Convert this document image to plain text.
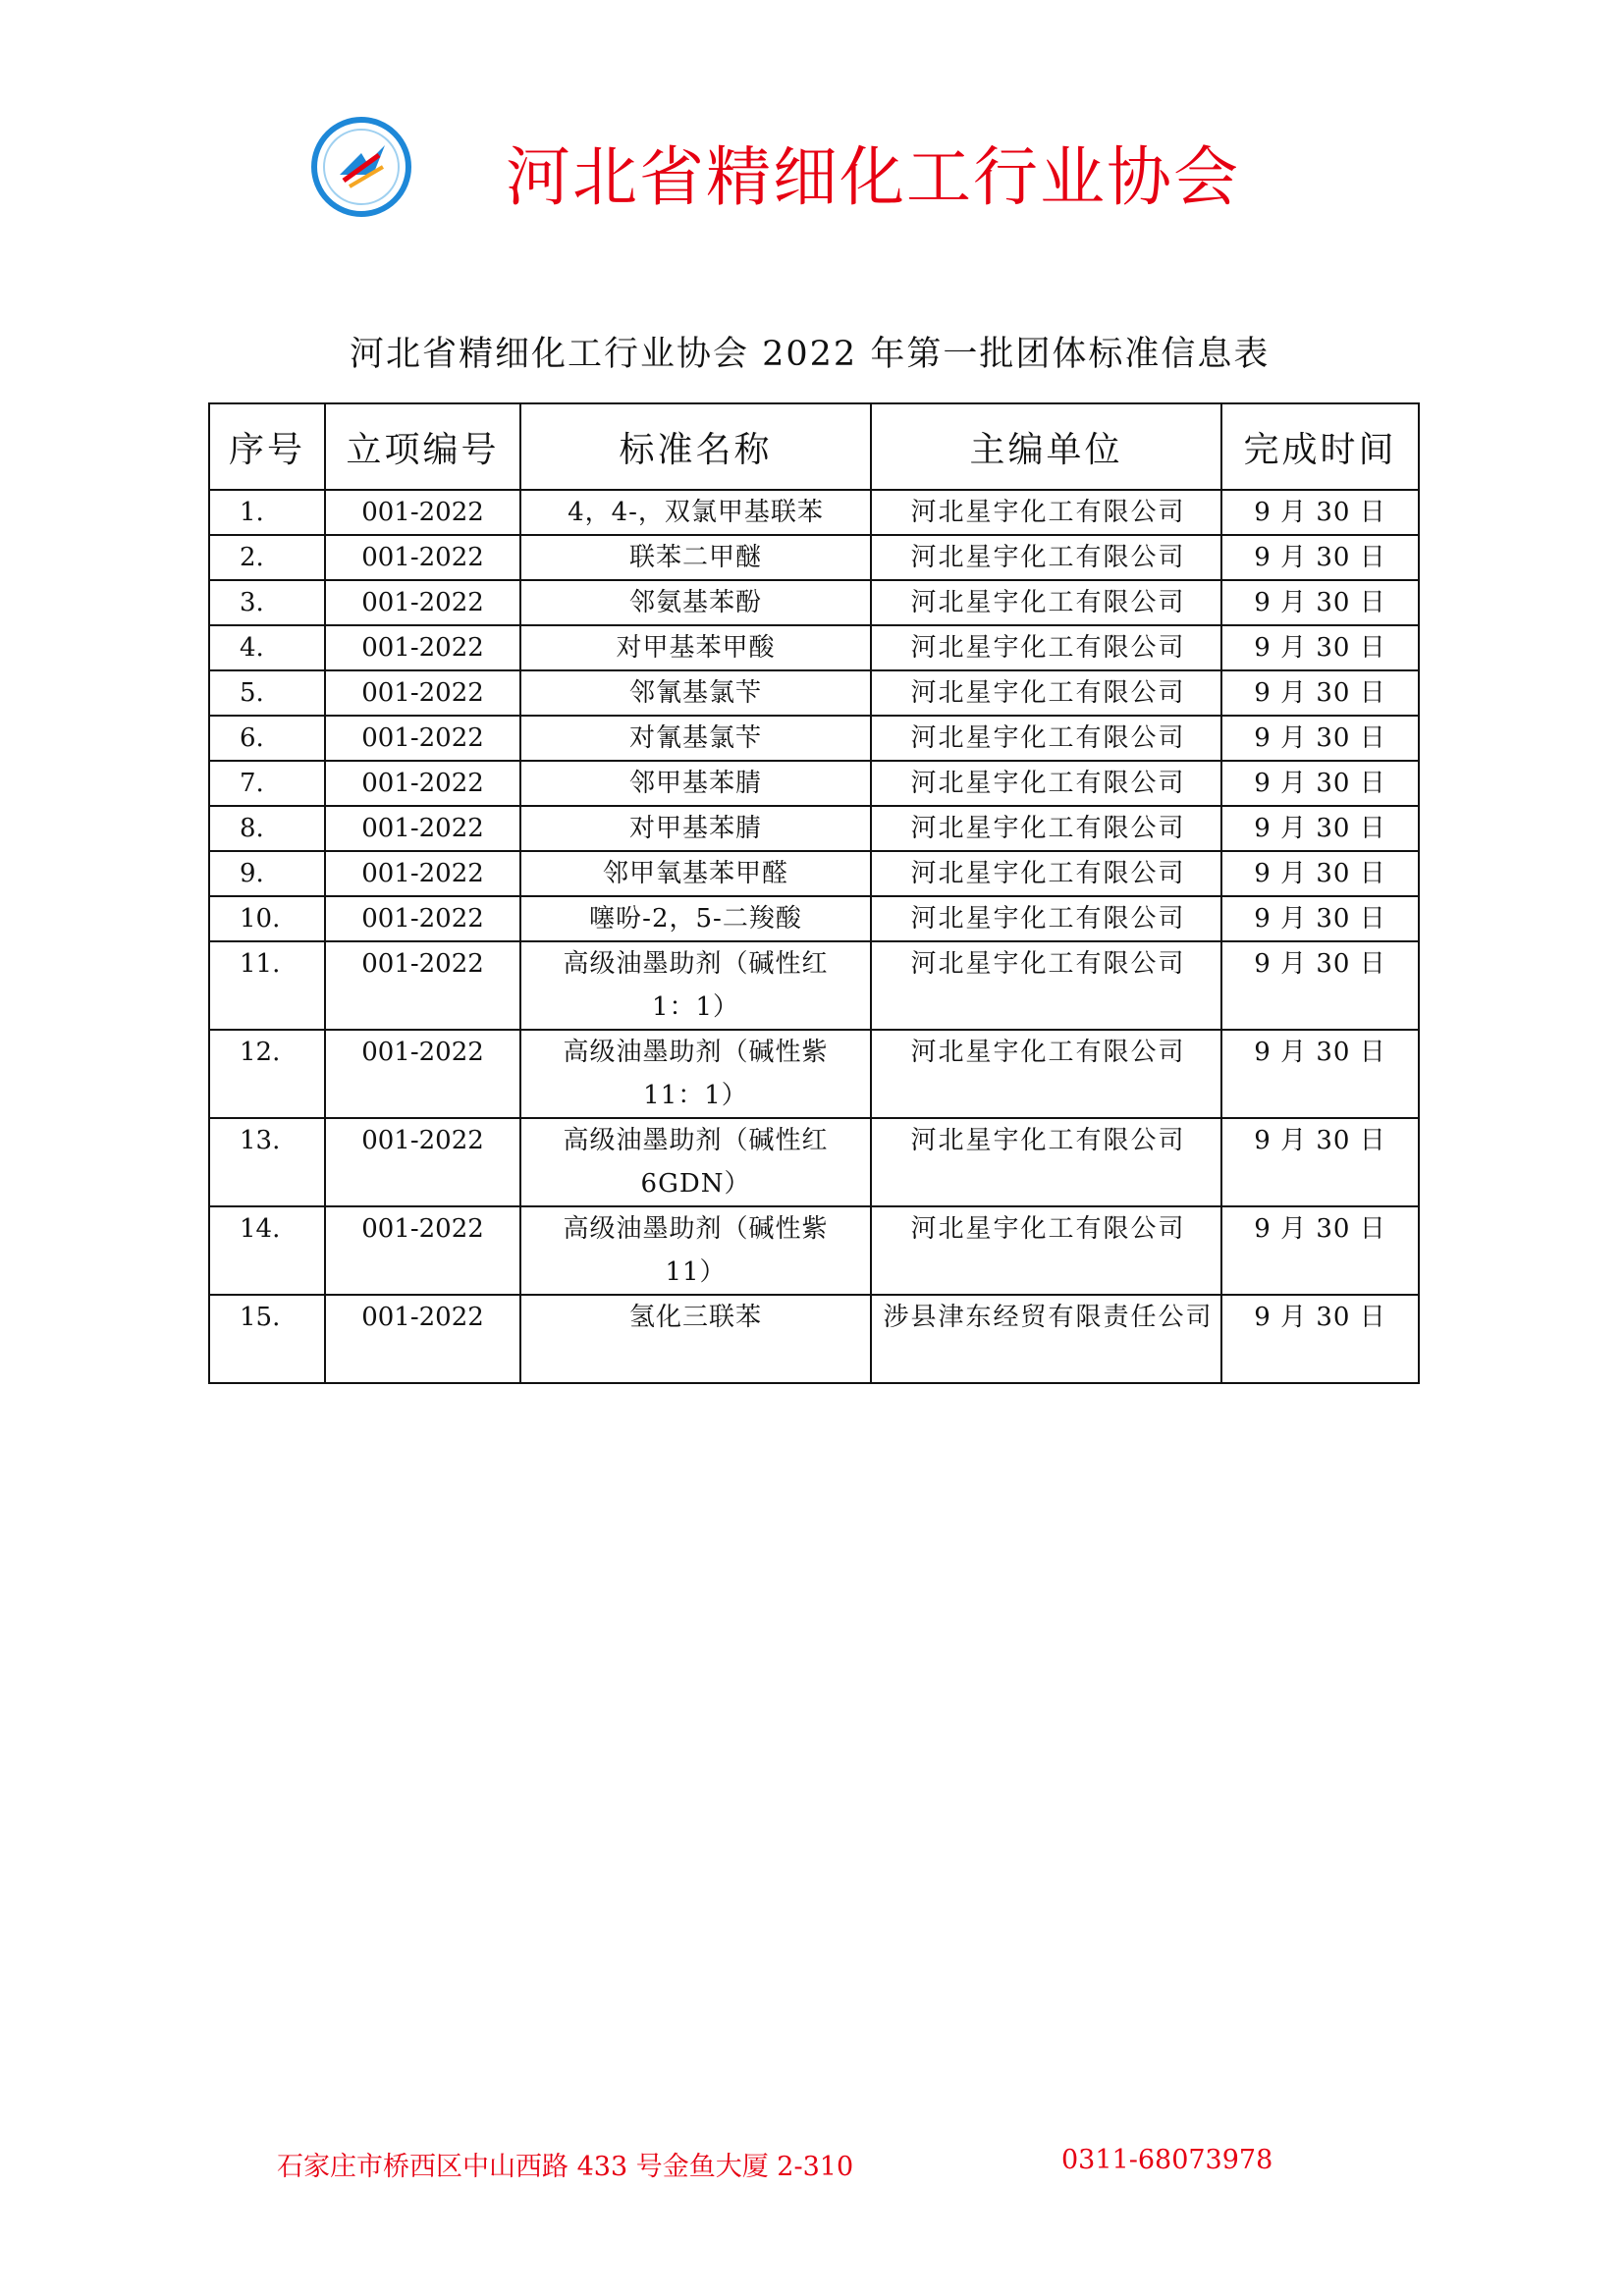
河北省精细化工行业协会
河北省精细化工行业协会 2022 年第一批团体标准信息表
序号	立项编号	标准名称	主编单位	完成时间
1.	001-2022	4，4-，双氯甲基联苯	河北星宇化工有限公司	9 月 30 日
2.	001-2022	联苯二甲醚	河北星宇化工有限公司	9 月 30 日
3.	001-2022	邻氨基苯酚	河北星宇化工有限公司	9 月 30 日
4.	001-2022	对甲基苯甲酸	河北星宇化工有限公司	9 月 30 日
5.	001-2022	邻氰基氯苄	河北星宇化工有限公司	9 月 30 日
6.	001-2022	对氰基氯苄	河北星宇化工有限公司	9 月 30 日
7.	001-2022	邻甲基苯腈	河北星宇化工有限公司	9 月 30 日
8.	001-2022	对甲基苯腈	河北星宇化工有限公司	9 月 30 日
9.	001-2022	邻甲氧基苯甲醛	河北星宇化工有限公司	9 月 30 日
10.	001-2022	噻吩-2，5-二羧酸	河北星宇化工有限公司	9 月 30 日
11.	001-2022	高级油墨助剂（碱性红 1：1）	河北星宇化工有限公司	9 月 30 日
12.	001-2022	高级油墨助剂（碱性紫 11：1）	河北星宇化工有限公司	9 月 30 日
13.	001-2022	高级油墨助剂（碱性红 6GDN）	河北星宇化工有限公司	9 月 30 日
14.	001-2022	高级油墨助剂（碱性紫 11）	河北星宇化工有限公司	9 月 30 日
15.	001-2022	氢化三联苯	涉县津东经贸有限责任公司	9 月 30 日
石家庄市桥西区中山西路 433 号金鱼大厦 2-310	0311-68073978
